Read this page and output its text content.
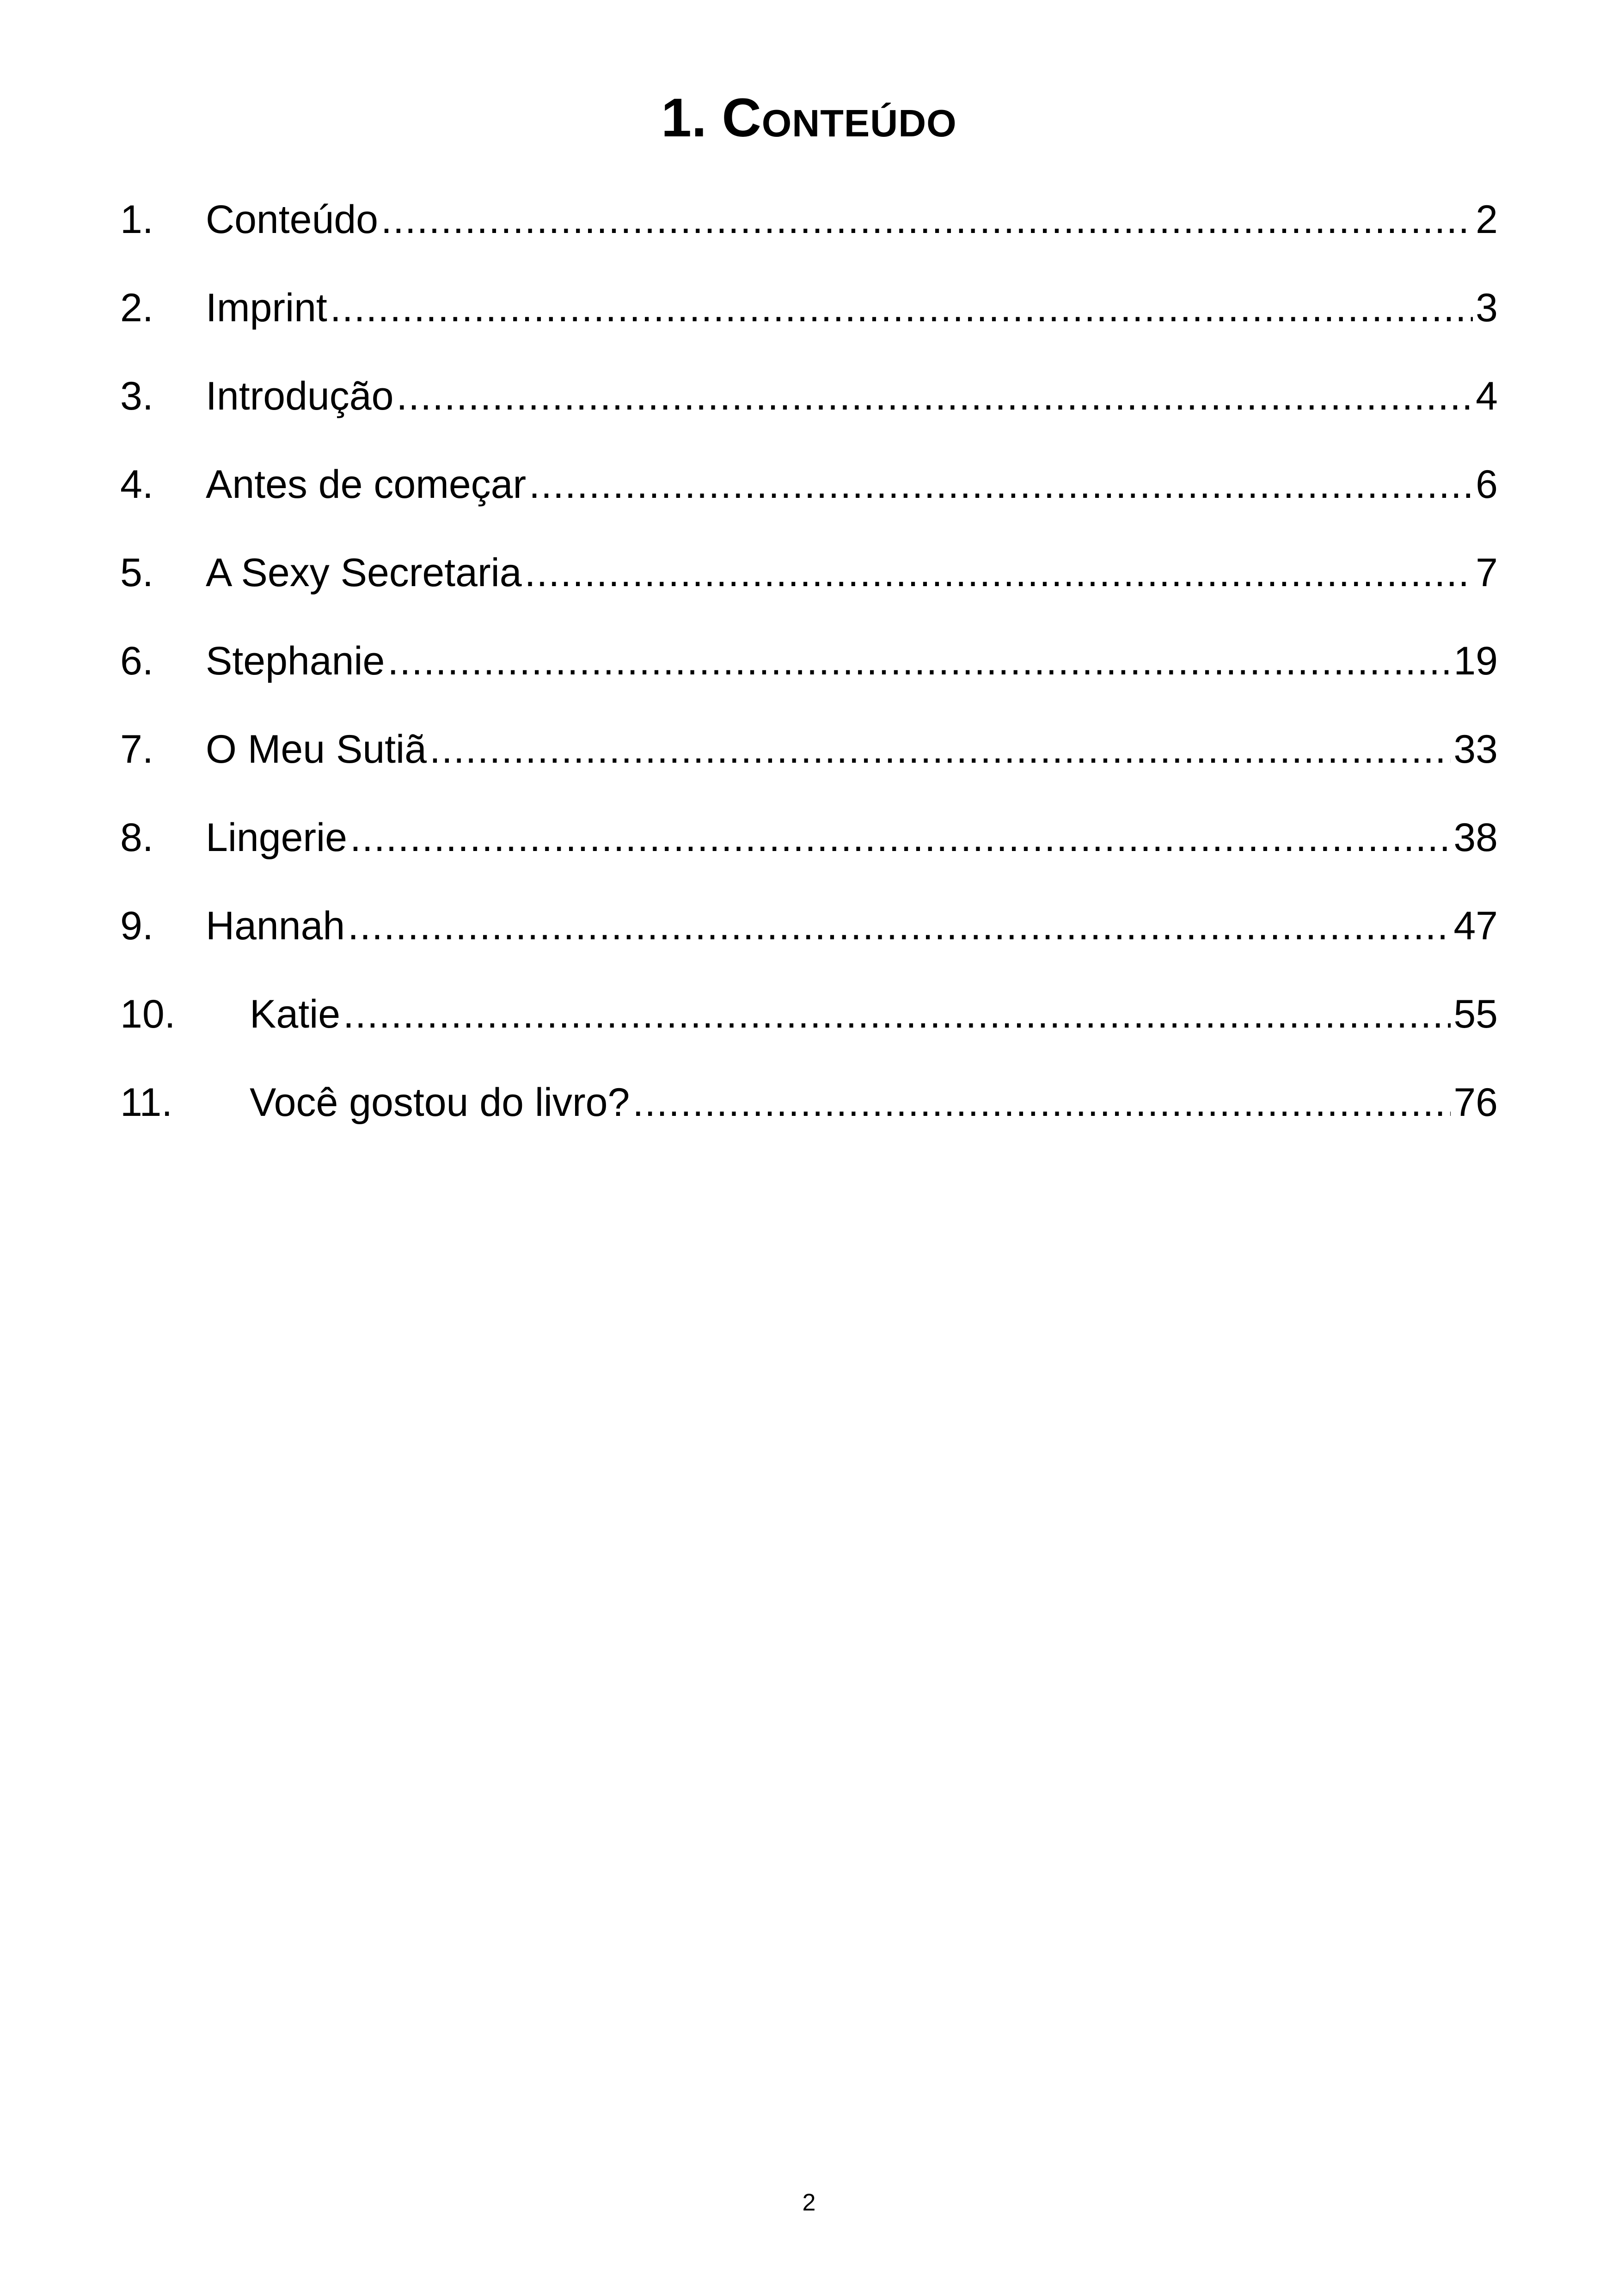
1. Conteúdo
1.	Conteúdo .....	2
2.	Imprint .....	3
3.	Introdução .....	4
4.	Antes de começar .....	6
5.	A Sexy Secretaria .....	7
6.	Stephanie .....	19
7.	O Meu Sutiã .....	33
8.	Lingerie .....	38
9.	Hannah .....	47
10.	Katie .....	55
11.	Você gostou do livro? .....	76
2
